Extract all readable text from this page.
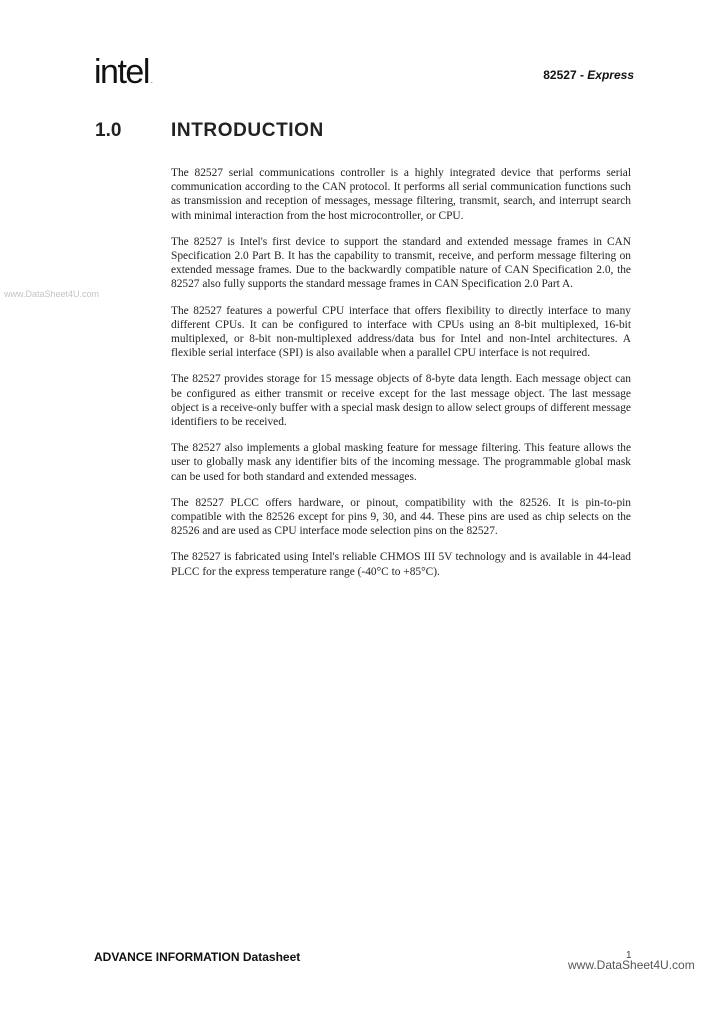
intel .	82527 - Express
1.0	INTRODUCTION

The 82527 serial communications controller is a highly integrated device that performs serial communication according to the CAN protocol. It performs all serial communication functions such as transmission and reception of messages, message filtering, transmit, search, and interrupt search with minimal interaction from the host microcontroller, or CPU.

The 82527 is Intel's first device to support the standard and extended message frames in CAN Specification 2.0 Part B. It has the capability to transmit, receive, and perform message filtering on extended message frames. Due to the backwardly compatible nature of CAN Specification 2.0, the 82527 also fully supports the standard message frames in CAN Specification 2.0 Part A.

The 82527 features a powerful CPU interface that offers flexibility to directly interface to many different CPUs. It can be configured to interface with CPUs using an 8-bit multiplexed, 16-bit multiplexed, or 8-bit non-multiplexed address/data bus for Intel and non-Intel architectures. A flexible serial interface (SPI) is also available when a parallel CPU interface is not required.

The 82527 provides storage for 15 message objects of 8-byte data length. Each message object can be configured as either transmit or receive except for the last message object. The last message object is a receive-only buffer with a special mask design to allow select groups of different message identifiers to be received.

The 82527 also implements a global masking feature for message filtering. This feature allows the user to globally mask any identifier bits of the incoming message. The programmable global mask can be used for both standard and extended messages.

The 82527 PLCC offers hardware, or pinout, compatibility with the 82526. It is pin-to-pin compatible with the 82526 except for pins 9, 30, and 44. These pins are used as chip selects on the 82526 and are used as CPU interface mode selection pins on the 82527.

The 82527 is fabricated using Intel's reliable CHMOS III 5V technology and is available in 44-lead PLCC for the express temperature range (-40°C to +85°C).

www.DataSheet4U.com
ADVANCE INFORMATION Datasheet	1
www.DataSheet4U.com
